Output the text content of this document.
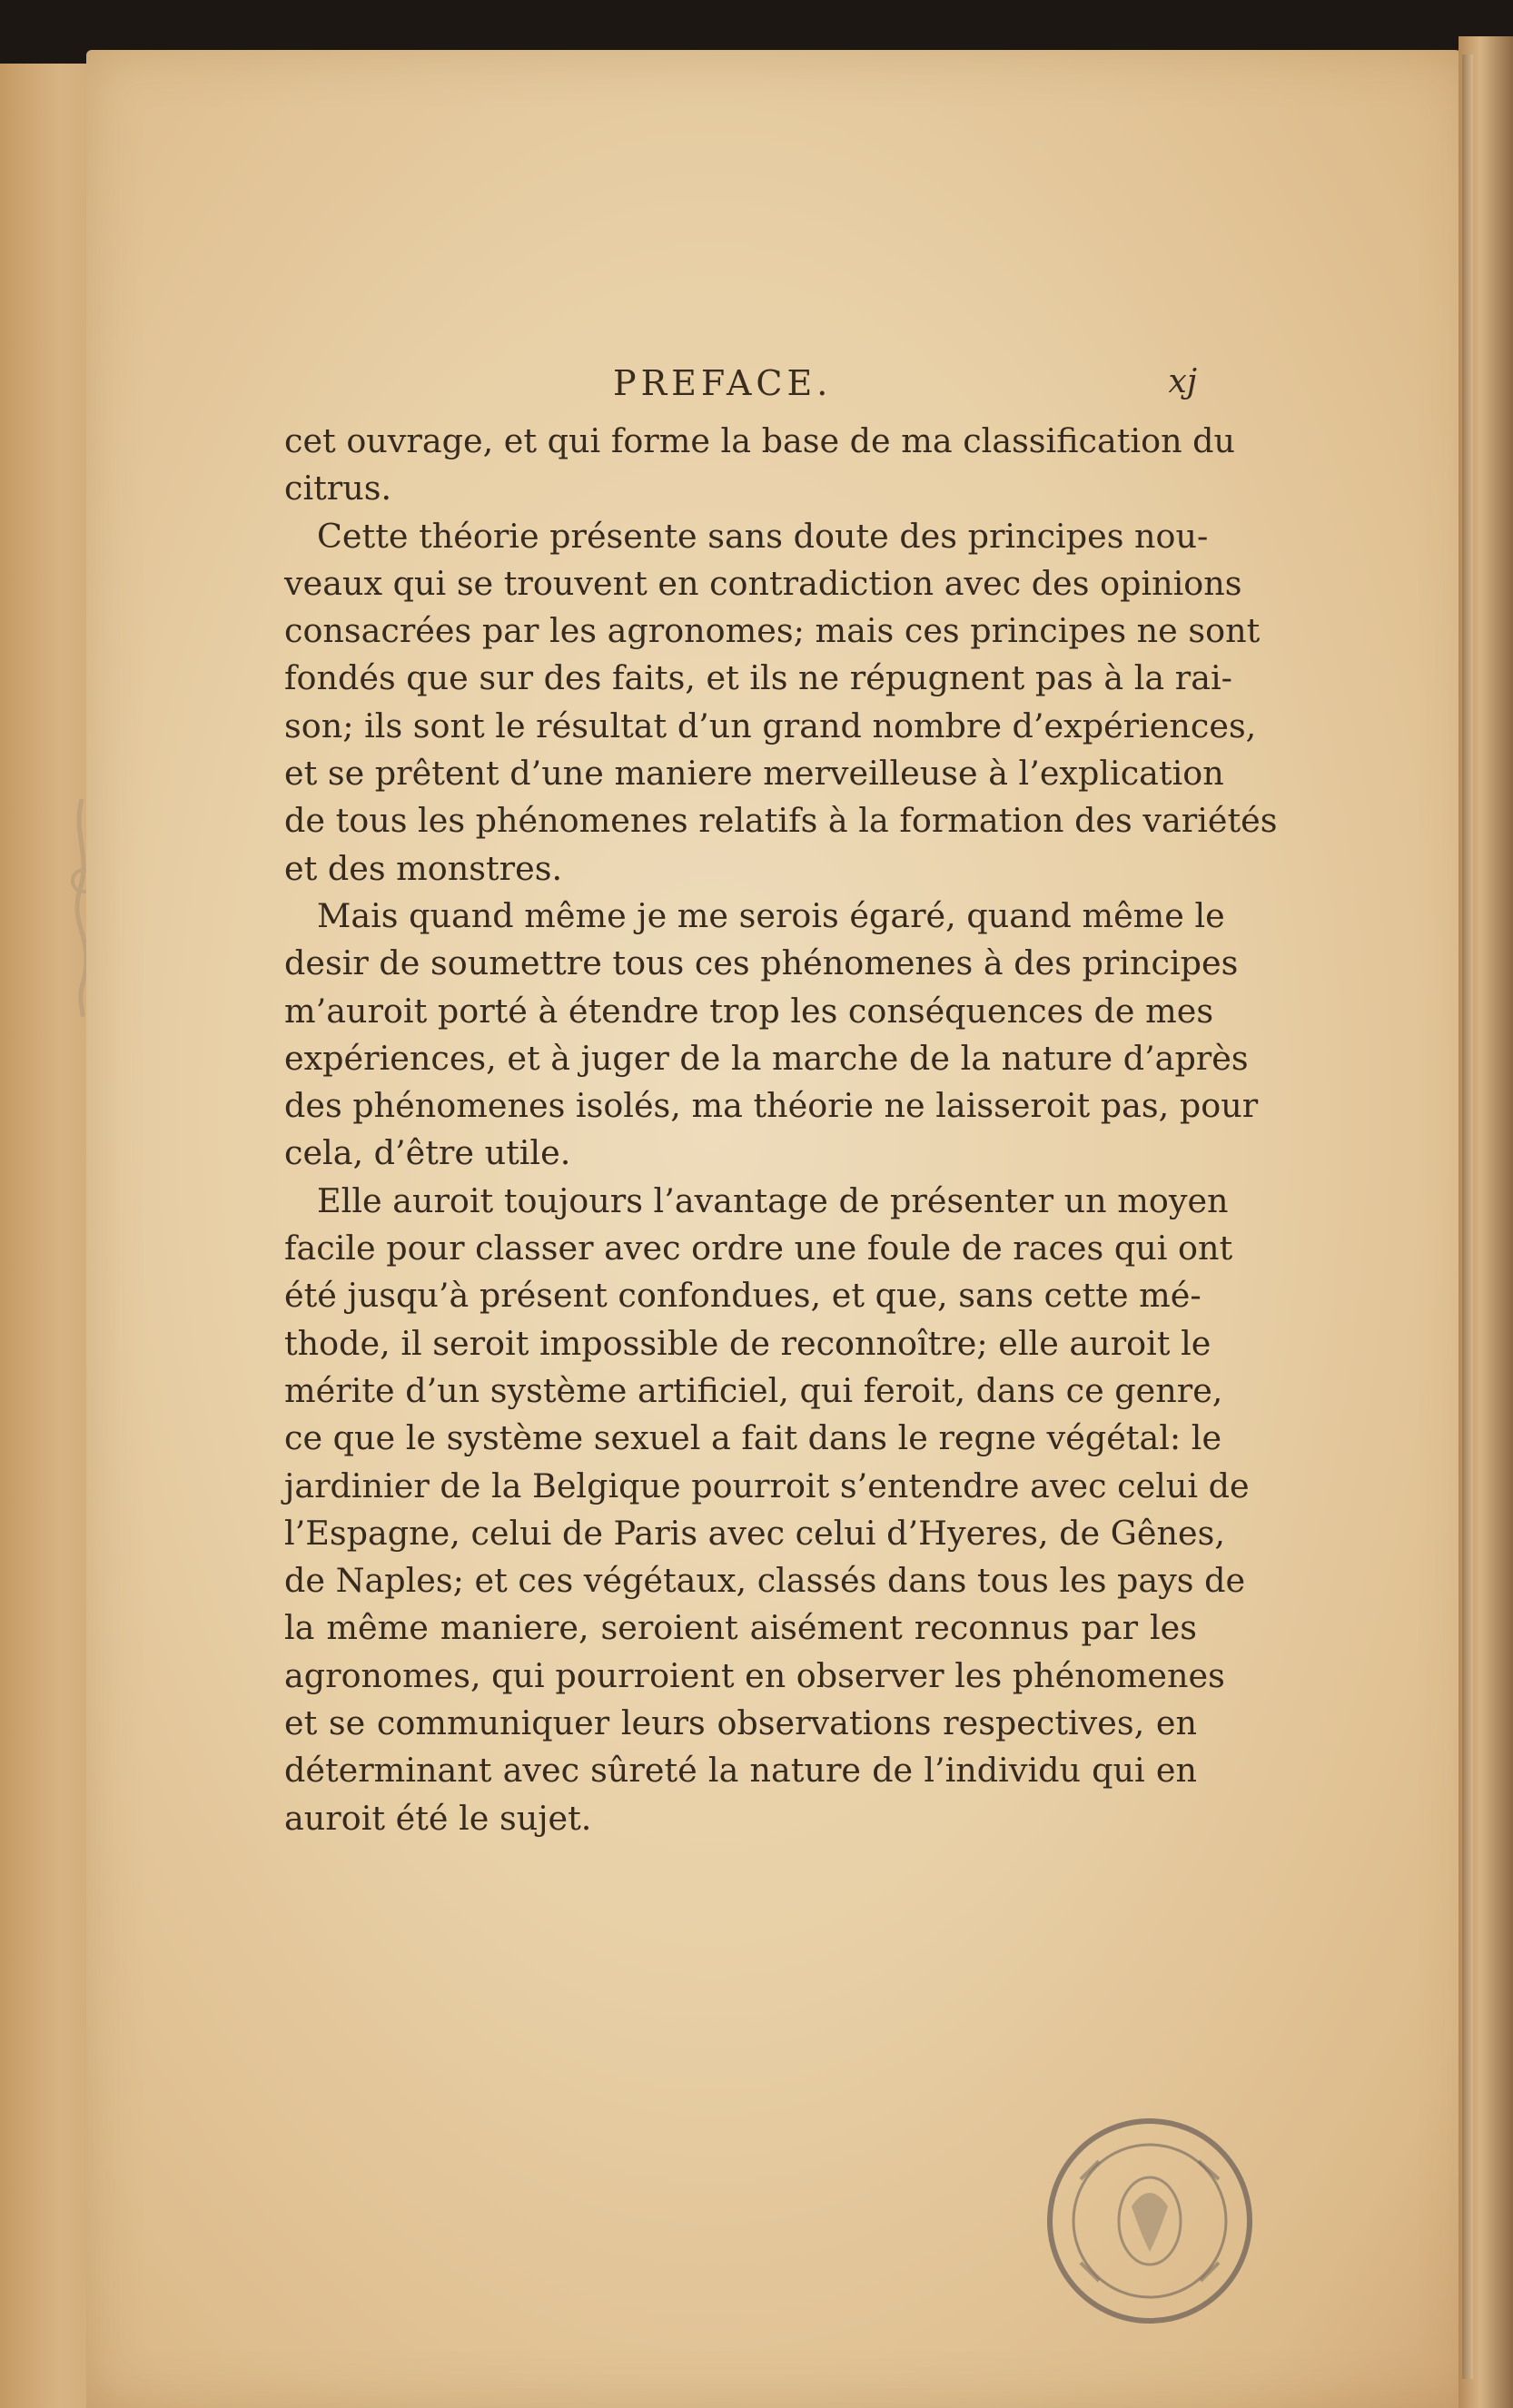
PREFACE.	xj
cet ouvrage, et qui forme la base de ma classification du
citrus.
Cette théorie présente sans doute des principes nou-
veaux qui se trouvent en contradiction avec des opinions
consacrées par les agronomes; mais ces principes ne sont
fondés que sur des faits, et ils ne répugnent pas à la rai-
son; ils sont le résultat d’un grand nombre d’expériences,
et se prêtent d’une maniere merveilleuse à l’explication
de tous les phénomenes relatifs à la formation des variétés
et des monstres.
Mais quand même je me serois égaré, quand même le
desir de soumettre tous ces phénomenes à des principes
m’auroit porté à étendre trop les conséquences de mes
expériences, et à juger de la marche de la nature d’après
des phénomenes isolés, ma théorie ne laisseroit pas, pour
cela, d’être utile.
Elle auroit toujours l’avantage de présenter un moyen
facile pour classer avec ordre une foule de races qui ont
été jusqu’à présent confondues, et que, sans cette mé-
thode, il seroit impossible de reconnoître; elle auroit le
mérite d’un système artificiel, qui feroit, dans ce genre,
ce que le système sexuel a fait dans le regne végétal: le
jardinier de la Belgique pourroit s’entendre avec celui de
l’Espagne, celui de Paris avec celui d’Hyeres, de Gênes,
de Naples; et ces végétaux, classés dans tous les pays de
la même maniere, seroient aisément reconnus par les
agronomes, qui pourroient en observer les phénomenes
et se communiquer leurs observations respectives, en
déterminant avec sûreté la nature de l’individu qui en
auroit été le sujet.
